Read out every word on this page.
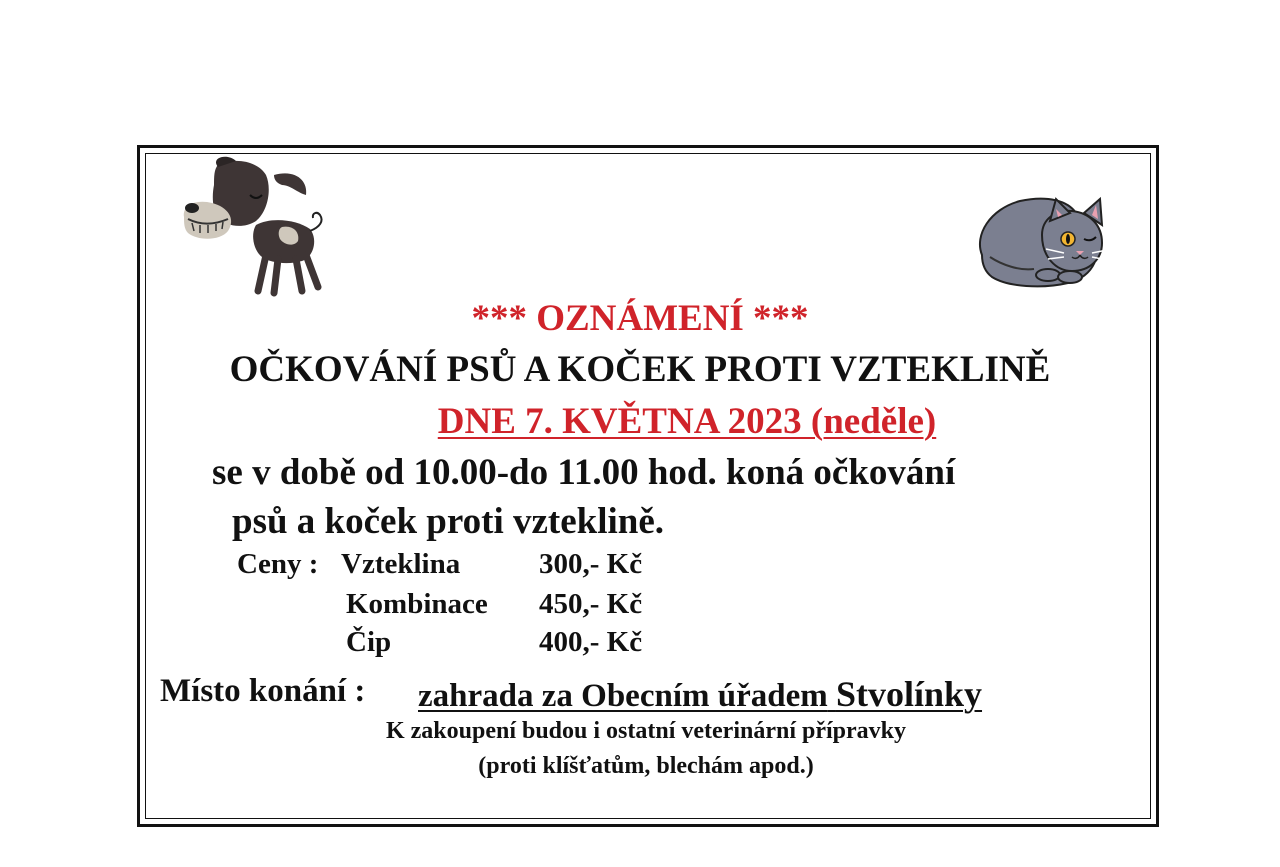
*** OZNÁMENÍ ***
OČKOVÁNÍ PSŮ A KOČEK PROTI VZTEKLINĚ
DNE 7. KVĚTNA 2023 (neděle)
se v době od 10.00-do 11.00 hod. koná očkování
psů a koček proti vzteklině.
Ceny : Vzteklina	300,- Kč
Kombinace 450,- Kč
Čip	400,- Kč
Místo konání : zahrada za Obecním úřadem Stvolínky
K zakoupení budou i ostatní veterinární přípravky
(proti klíšťatům, blechám apod.)
